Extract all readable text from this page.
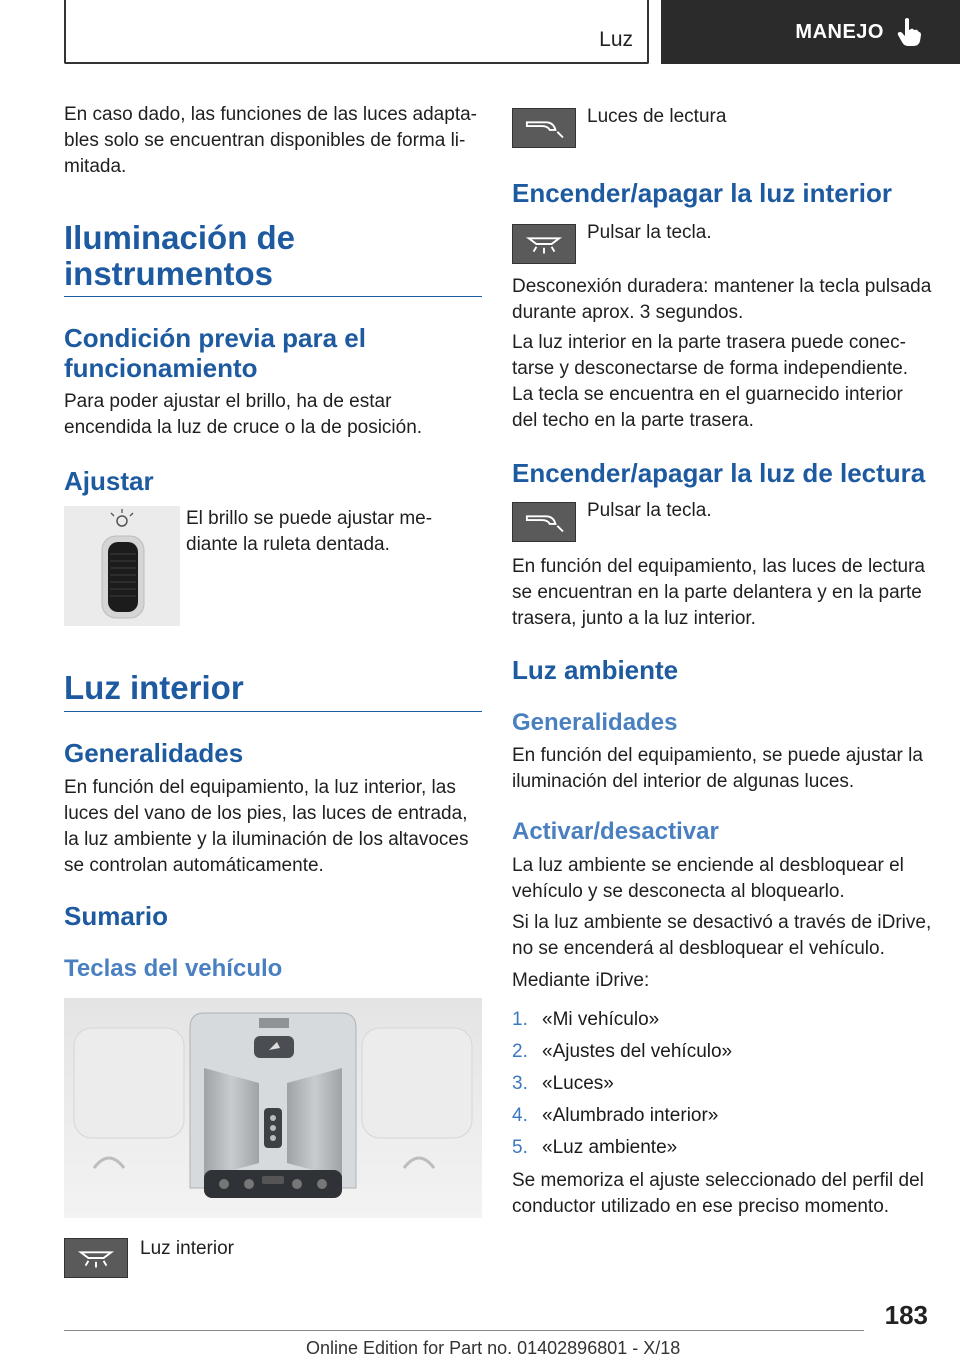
Luz	MANEJO

En caso dado, las funciones de las luces adapta-bles solo se encuentran disponibles de forma li-mitada.

Iluminación de instrumentos
Condición previa para el funcionamiento

Para poder ajustar el brillo, ha de estar encendida la luz de cruce o la de posición.

Ajustar

El brillo se puede ajustar me-diante la ruleta dentada.

Luz interior
Generalidades

En función del equipamiento, la luz interior, las luces del vano de los pies, las luces de entrada, la luz ambiente y la iluminación de los altavoces se controlan automáticamente.

Sumario
Teclas del vehículo

Luz interior

Luces de lectura

Encender/apagar la luz interior

Pulsar la tecla.

Desconexión duradera: mantener la tecla pulsada durante aprox. 3 segundos.

La luz interior en la parte trasera puede conec-tarse y desconectarse de forma independiente. La tecla se encuentra en el guarnecido interior del techo en la parte trasera.

Encender/apagar la luz de lectura

Pulsar la tecla.

En función del equipamiento, las luces de lectura se encuentran en la parte delantera y en la parte trasera, junto a la luz interior.

Luz ambiente
Generalidades

En función del equipamiento, se puede ajustar la iluminación del interior de algunas luces.

Activar/desactivar

La luz ambiente se enciende al desbloquear el vehículo y se desconecta al bloquearlo.

Si la luz ambiente se desactivó a través de iDrive, no se encenderá al desbloquear el vehículo.

Mediante iDrive:

1. «Mi vehículo»
2. «Ajustes del vehículo»
3. «Luces»
4. «Alumbrado interior»
5. «Luz ambiente»

Se memoriza el ajuste seleccionado del perfil del conductor utilizado en ese preciso momento.

183
Online Edition for Part no. 01402896801 - X/18
